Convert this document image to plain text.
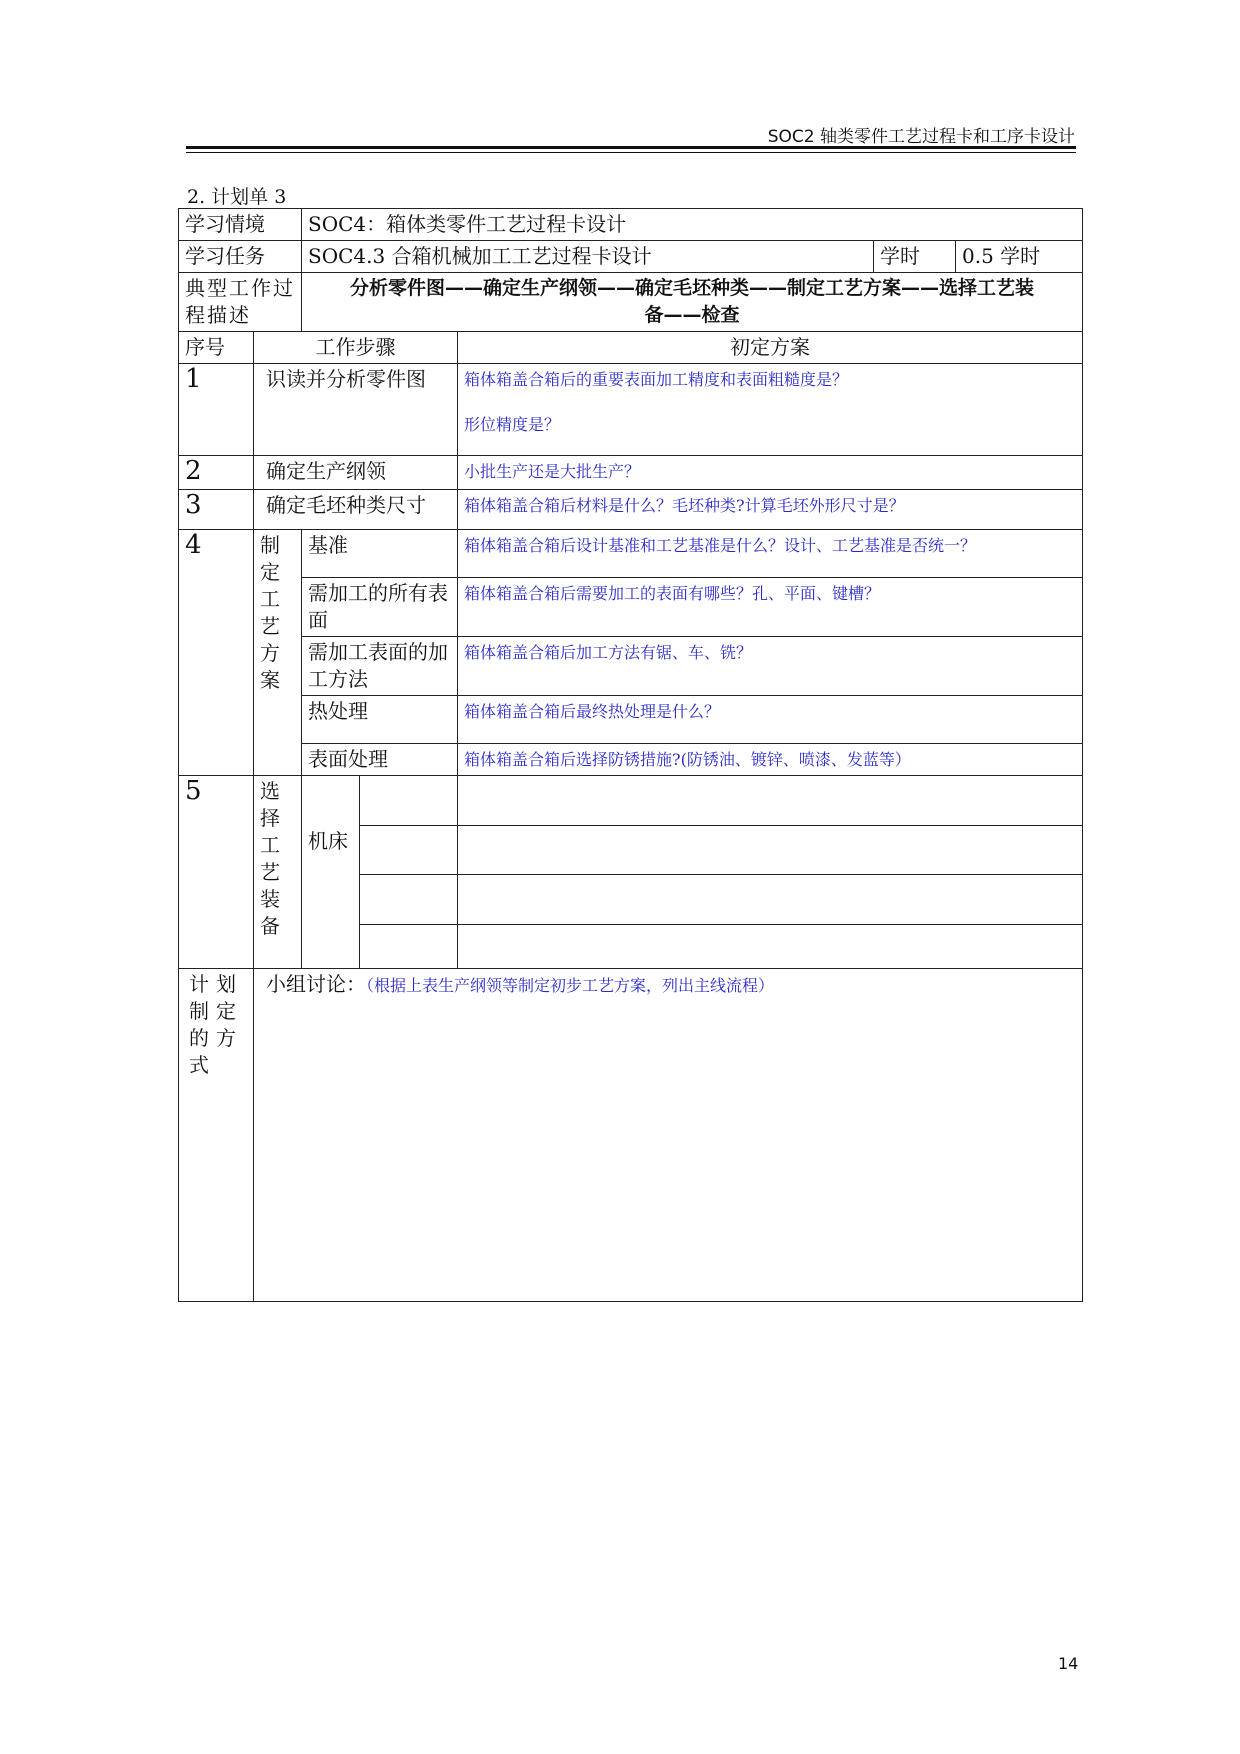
SOC2 轴类零件工艺过程卡和工序卡设计
2. 计划单 3
学习情境		SOC4：箱体类零件工艺过程卡设计				
学习任务		SOC4.3 合箱机械加工工艺过程卡设计			学时	0.5 学时
典型工作过程描述		分析零件图——确定生产纲领——确定毛坯种类——制定工艺方案——选择工艺装备——检查				
序号	工作步骤			初定方案		
1	识读并分析零件图			箱体箱盖合箱后的重要表面加工精度和表面粗糙度是？
形位精度是？		

2	确定生产纲领			小批生产还是大批生产？		
3	确定毛坯种类尺寸			箱体箱盖合箱后材料是什么？毛坯种类?计算毛坯外形尺寸是？		
4	制定工艺方案	基准		箱体箱盖合箱后设计基准和工艺基准是什么？设计、工艺基准是否统一？		
		需加工的所有表面		箱体箱盖合箱后需要加工的表面有哪些？孔、平面、键槽？		
		需加工表面的加工方法		箱体箱盖合箱后加工方法有锯、车、铣？		
		热处理		箱体箱盖合箱后最终热处理是什么？		
		表面处理		箱体箱盖合箱后选择防锈措施?(防锈油、镀锌、喷漆、发蓝等）		
5	选择工艺装备	机床				

计划制定的方式	小组讨论：（根据上表生产纲领等制定初步工艺方案，列出主线流程）					
14
